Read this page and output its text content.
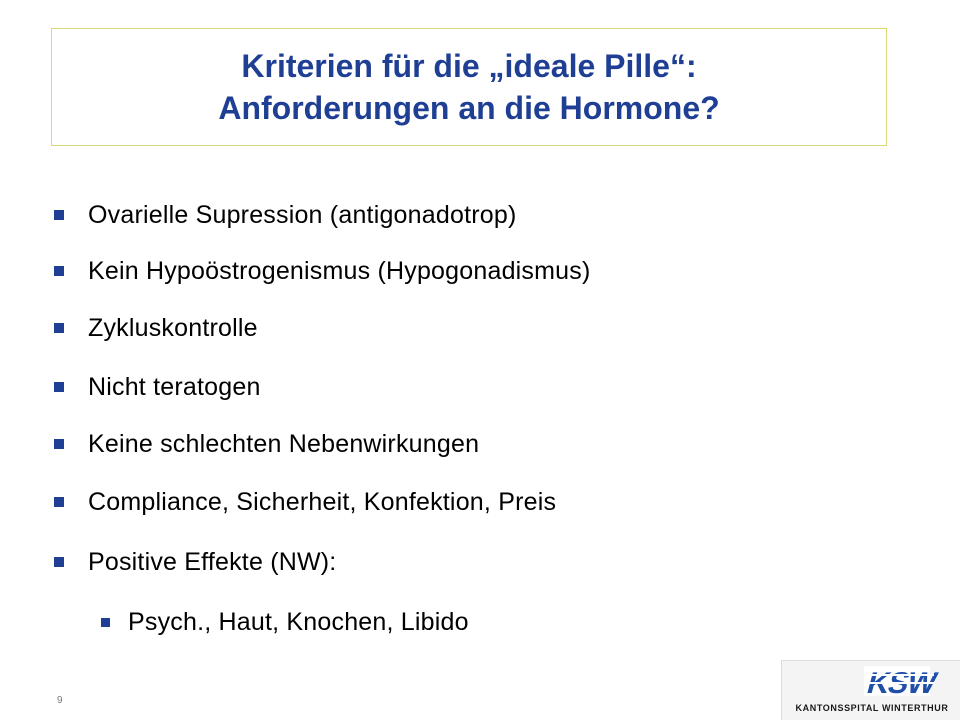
Kriterien für die „ideale Pille“:
Anforderungen an die Hormone?
Ovarielle Supression (antigonadotrop)
Kein Hypoöstrogenismus (Hypogonadismus)
Zykluskontrolle
Nicht teratogen
Keine schlechten Nebenwirkungen
Compliance, Sicherheit, Konfektion, Preis
Positive Effekte (NW):
Psych., Haut, Knochen, Libido
9
KSW
KANTONSSPITAL WINTERTHUR
